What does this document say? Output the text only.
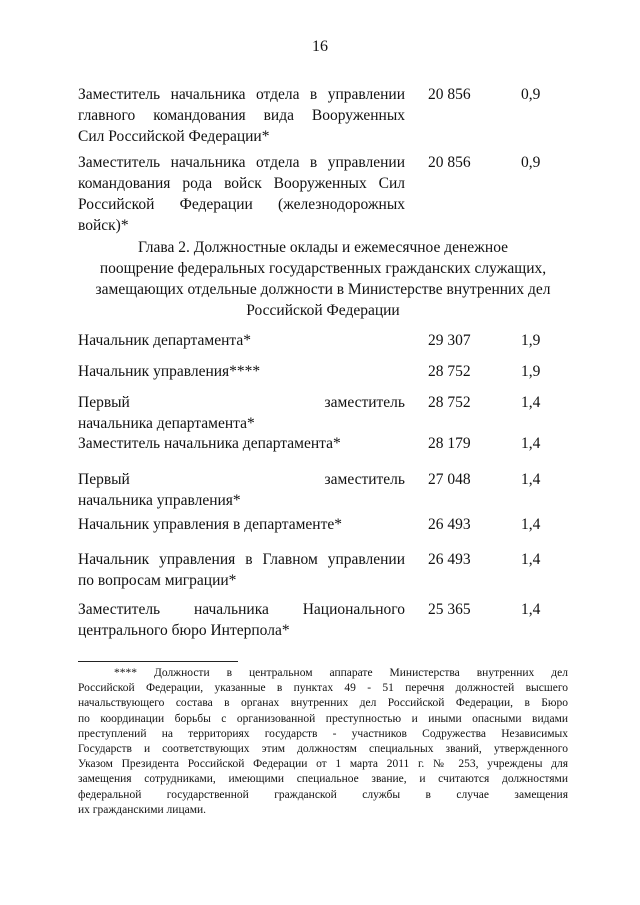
16
Заместитель начальника отдела в управлении
главного командования вида Вооруженных
Сил Российской Федерации*
20 856	0,9
Заместитель начальника отдела в управлении
командования рода войск Вооруженных Сил
Российской Федерации (железнодорожных
войск)*
20 856	0,9
Глава 2. Должностные оклады и ежемесячное денежное
поощрение федеральных государственных гражданских служащих,
замещающих отдельные должности в Министерстве внутренних дел
Российской Федерации
Начальник департамента*	29 307	1,9
Начальник управления****	28 752	1,9
Первый заместитель
начальника департамента*
28 752	1,4
Заместитель начальника департамента*	28 179	1,4
Первый заместитель
начальника управления*
27 048	1,4
Начальник управления в департаменте*	26 493	1,4
Начальник управления в Главном управлении
по вопросам миграции*
26 493	1,4
Заместитель начальника Национального
центрального бюро Интерпола*
25 365	1,4
**** Должности в центральном аппарате Министерства внутренних дел
Российской Федерации, указанные в пунктах 49 - 51 перечня должностей высшего
начальствующего состава в органах внутренних дел Российской Федерации, в Бюро
по координации борьбы с организованной преступностью и иными опасными видами
преступлений на территориях государств - участников Содружества Независимых
Государств и соответствующих этим должностям специальных званий, утвержденного
Указом Президента Российской Федерации от 1 марта 2011 г. № 253, учреждены для
замещения сотрудниками, имеющими специальное звание, и считаются должностями
федеральной государственной гражданской службы в случае замещения
их гражданскими лицами.
